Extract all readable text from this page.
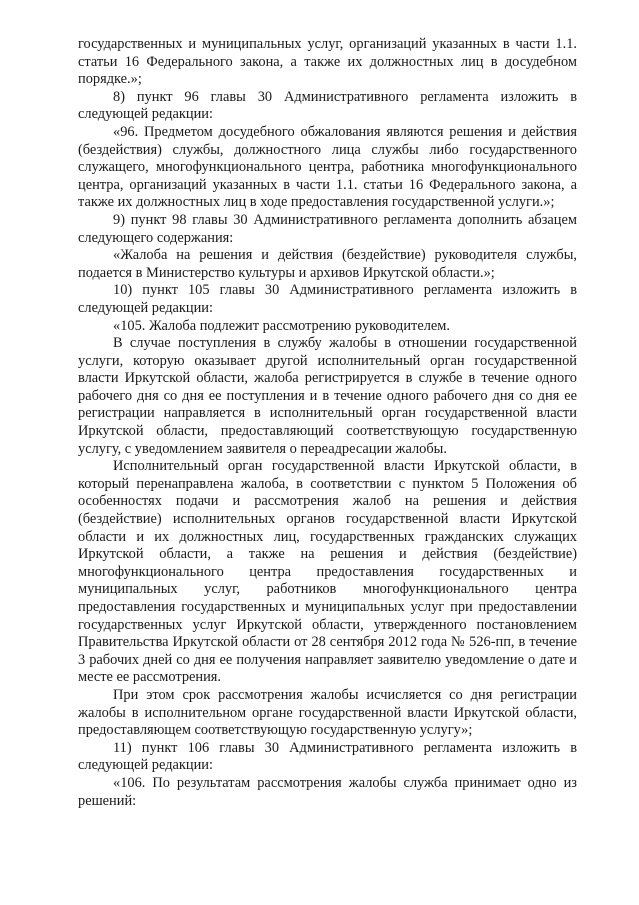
государственных и муниципальных услуг, организаций указанных в части 1.1. статьи 16 Федерального закона, а также их должностных лиц в досудебном порядке.»;

8) пункт 96 главы 30 Административного регламента изложить в следующей редакции:

«96. Предметом досудебного обжалования являются решения и действия (бездействия) службы, должностного лица службы либо государственного служащего, многофункционального центра, работника многофункционального центра, организаций указанных в части 1.1. статьи 16 Федерального закона, а также их должностных лиц в ходе предоставления государственной услуги.»;

9) пункт 98 главы 30 Административного регламента дополнить абзацем следующего содержания:

«Жалоба на решения и действия (бездействие) руководителя службы, подается в Министерство культуры и архивов Иркутской области.»;

10) пункт 105 главы 30 Административного регламента изложить в следующей редакции:

«105. Жалоба подлежит рассмотрению руководителем.

В случае поступления в службу жалобы в отношении государственной услуги, которую оказывает другой исполнительный орган государственной власти Иркутской области, жалоба регистрируется в службе в течение одного рабочего дня со дня ее поступления и в течение одного рабочего дня со дня ее регистрации направляется в исполнительный орган государственной власти Иркутской области, предоставляющий соответствующую государственную услугу, с уведомлением заявителя о переадресации жалобы.

Исполнительный орган государственной власти Иркутской области, в который перенаправлена жалоба, в соответствии с пунктом 5 Положения об особенностях подачи и рассмотрения жалоб на решения и действия (бездействие) исполнительных органов государственной власти Иркутской области и их должностных лиц, государственных гражданских служащих Иркутской области, а также на решения и действия (бездействие) многофункционального центра предоставления государственных и муниципальных услуг, работников многофункционального центра предоставления государственных и муниципальных услуг при предоставлении государственных услуг Иркутской области, утвержденного постановлением Правительства Иркутской области от 28 сентября 2012 года № 526-пп, в течение 3 рабочих дней со дня ее получения направляет заявителю уведомление о дате и месте ее рассмотрения.

При этом срок рассмотрения жалобы исчисляется со дня регистрации жалобы в исполнительном органе государственной власти Иркутской области, предоставляющем соответствующую государственную услугу»;

11) пункт 106 главы 30 Административного регламента изложить в следующей редакции:

«106. По результатам рассмотрения жалобы служба принимает одно из решений:
